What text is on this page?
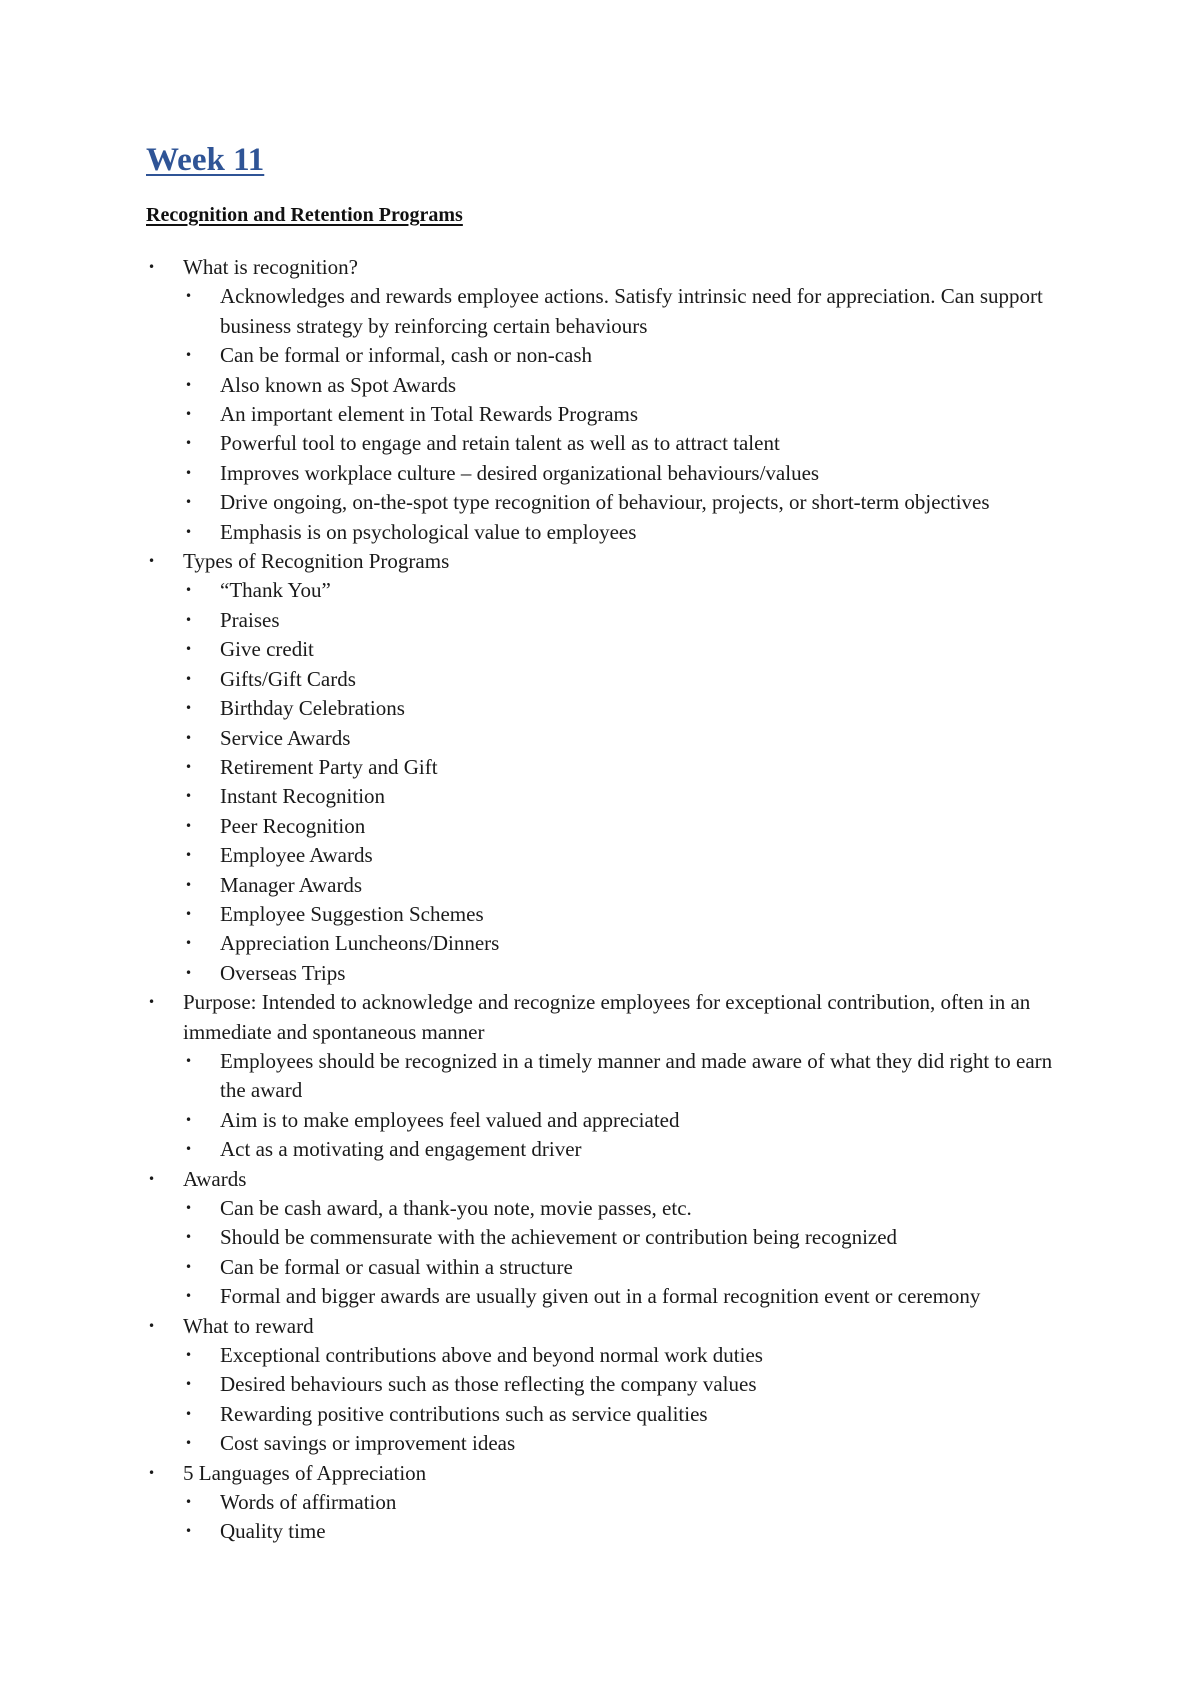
Week 11
Recognition and Retention Programs
•	What is recognition?
•	Acknowledges and rewards employee actions. Satisfy intrinsic need for appreciation. Can support business strategy by reinforcing certain behaviours
•	Can be formal or informal, cash or non-cash
•	Also known as Spot Awards
•	An important element in Total Rewards Programs
•	Powerful tool to engage and retain talent as well as to attract talent
•	Improves workplace culture – desired organizational behaviours/values
•	Drive ongoing, on-the-spot type recognition of behaviour, projects, or short-term objectives
•	Emphasis is on psychological value to employees
•	Types of Recognition Programs
•	“Thank You”
•	Praises
•	Give credit
•	Gifts/Gift Cards
•	Birthday Celebrations
•	Service Awards
•	Retirement Party and Gift
•	Instant Recognition
•	Peer Recognition
•	Employee Awards
•	Manager Awards
•	Employee Suggestion Schemes
•	Appreciation Luncheons/Dinners
•	Overseas Trips
•	Purpose: Intended to acknowledge and recognize employees for exceptional contribution, often in an immediate and spontaneous manner
•	Employees should be recognized in a timely manner and made aware of what they did right to earn the award
•	Aim is to make employees feel valued and appreciated
•	Act as a motivating and engagement driver
•	Awards
•	Can be cash award, a thank-you note, movie passes, etc.
•	Should be commensurate with the achievement or contribution being recognized
•	Can be formal or casual within a structure
•	Formal and bigger awards are usually given out in a formal recognition event or ceremony
•	What to reward
•	Exceptional contributions above and beyond normal work duties
•	Desired behaviours such as those reflecting the company values
•	Rewarding positive contributions such as service qualities
•	Cost savings or improvement ideas
•	5 Languages of Appreciation
•	Words of affirmation
•	Quality time
